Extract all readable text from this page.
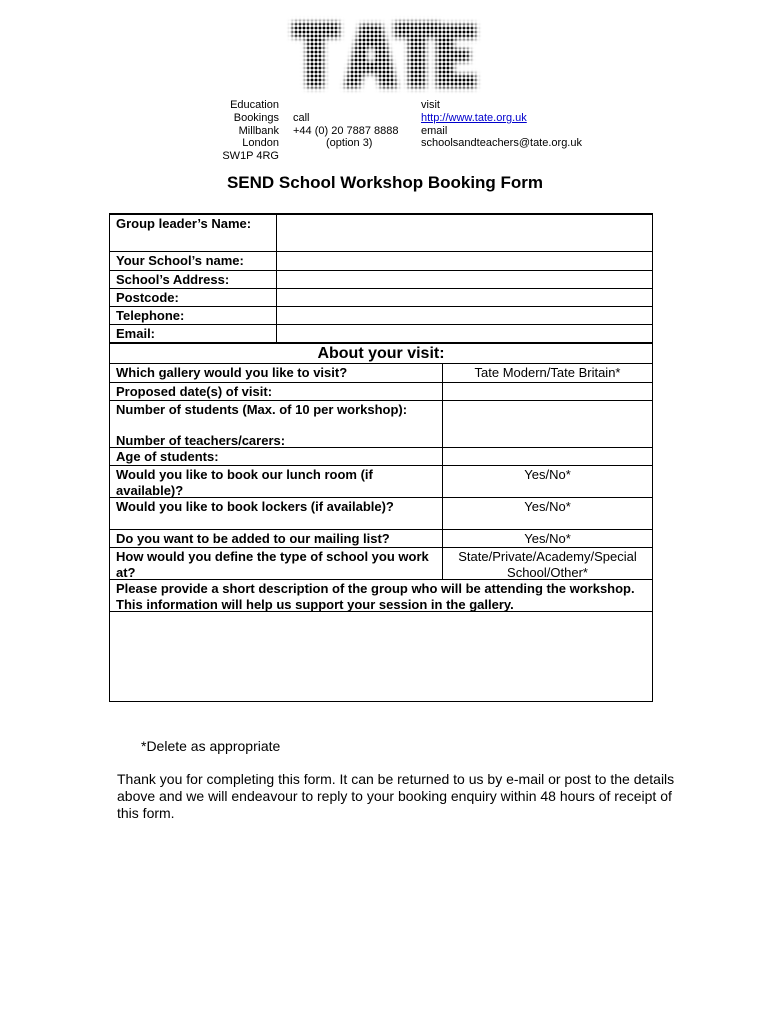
Education
Bookings
Millbank
London
SW1P 4RG

call
+44 (0) 20 7887 8888
(option 3)
visit
http://www.tate.org.uk
email
schoolsandteachers@tate.org.uk
SEND School Workshop Booking Form
Group leader’s Name:
Your School’s name:
School’s Address:
Postcode:
Telephone:
Email:
About your visit:
Which gallery would you like to visit?	Tate Modern/Tate Britain*
Proposed date(s) of visit:
Number of students (Max. of 10 per workshop):
Number of teachers/carers:
Age of students:
Would you like to book our lunch room (if available)?
Yes/No*
Would you like to book lockers (if available)?	Yes/No*
Do you want to be added to our mailing list?	Yes/No*
How would you define the type of school you work at?
State/Private/Academy/Special School/Other*
Please provide a short description of the group who will be attending the workshop. This information will help us support your session in the gallery.
*Delete as appropriate
Thank you for completing this form. It can be returned to us by e-mail or post to the details above and we will endeavour to reply to your booking enquiry within 48 hours of receipt of this form.
